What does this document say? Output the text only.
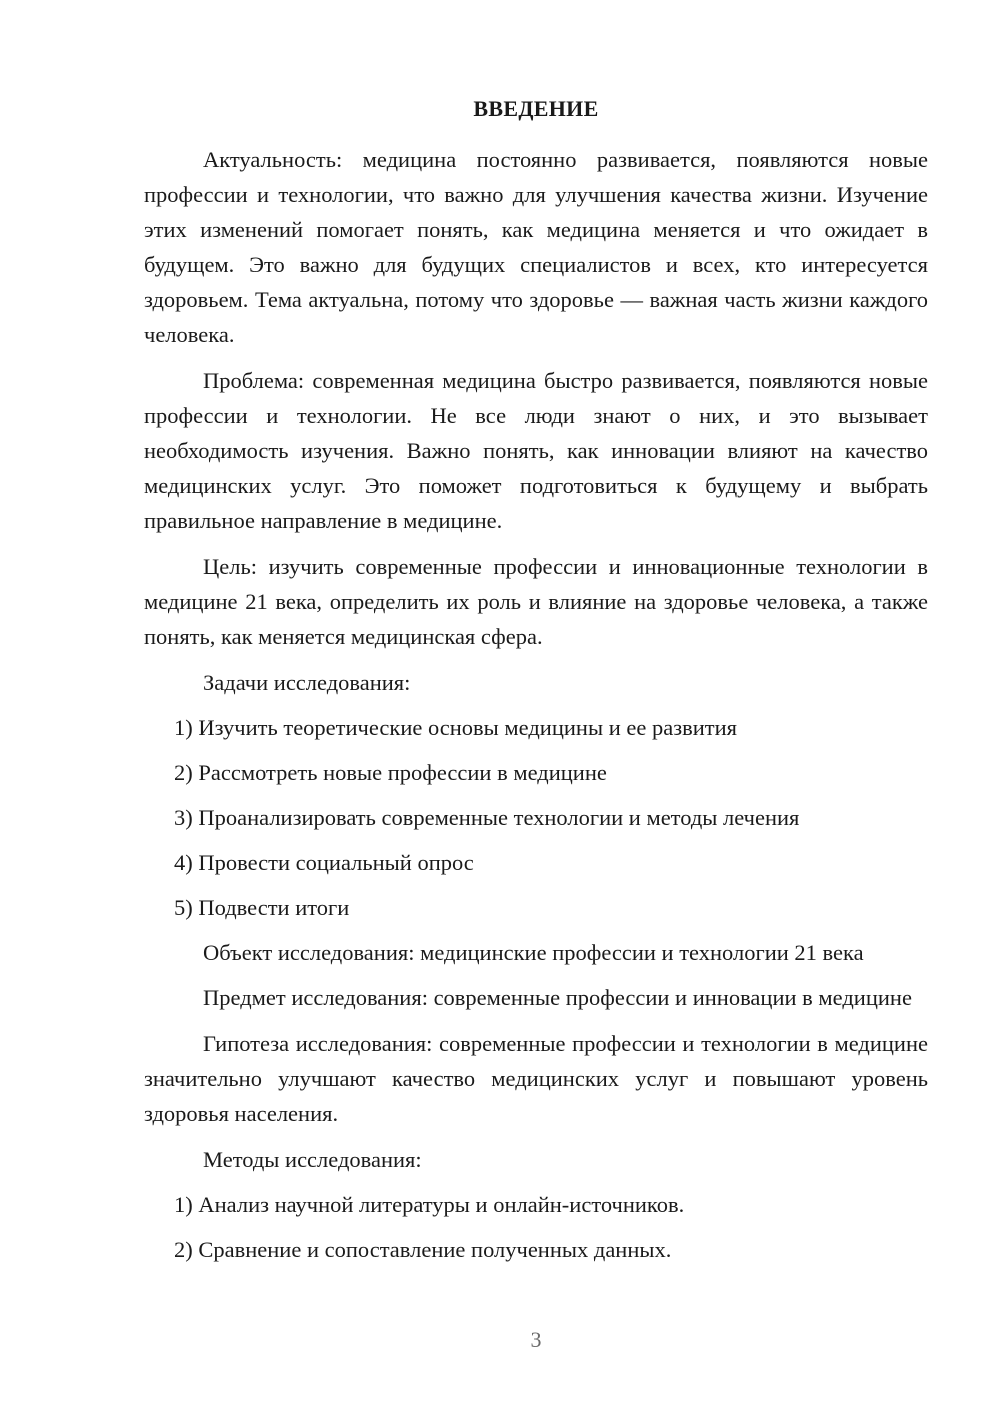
ВВЕДЕНИЕ

Актуальность: медицина постоянно развивается, появляются новые профессии и технологии, что важно для улучшения качества жизни. Изучение этих изменений помогает понять, как медицина меняется и что ожидает в будущем. Это важно для будущих специалистов и всех, кто интересуется здоровьем. Тема актуальна, потому что здоровье — важная часть жизни каждого человека.

Проблема: современная медицина быстро развивается, появляются новые профессии и технологии. Не все люди знают о них, и это вызывает необходимость изучения. Важно понять, как инновации влияют на качество медицинских услуг. Это поможет подготовиться к будущему и выбрать правильное направление в медицине.

Цель: изучить современные профессии и инновационные технологии в медицине 21 века, определить их роль и влияние на здоровье человека, а также понять, как меняется медицинская сфера.

Задачи исследования:

1) Изучить теоретические основы медицины и ее развития

2) Рассмотреть новые профессии в медицине

3) Проанализировать современные технологии и методы лечения

4) Провести социальный опрос

5) Подвести итоги

Объект исследования: медицинские профессии и технологии 21 века

Предмет исследования: современные профессии и инновации в медицине

Гипотеза исследования: современные профессии и технологии в медицине значительно улучшают качество медицинских услуг и повышают уровень здоровья населения.

Методы исследования:

1) Анализ научной литературы и онлайн-источников.

2) Сравнение и сопоставление полученных данных.

3
